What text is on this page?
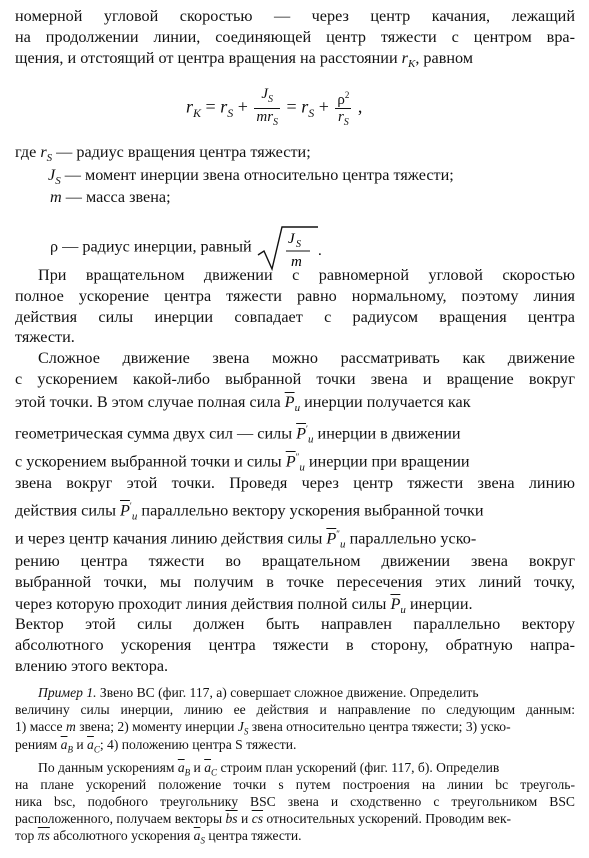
номерной угловой скоростью — через центр качания, лежащий
на продолжении линии, соединяющей центр тяжести с центром вра-
щения, и отстоящий от центра вращения на расстоянии $r_K$, равном
$r_K = r_S + \frac{J_S}{mr_S} = r_S + \frac{\rho^2}{r_S}$ ,
где $r_S$ — радиус вращения центра тяжести;
$J_S$ — момент инерции звена относительно центра тяжести;
m — масса звена;
ρ — радиус инерции, равный J S
m
.
При вращательном движении с равномерной угловой скоростью
полное ускорение центра тяжести равно нормальному, поэтому линия
действия силы инерции совпадает с радиусом вращения центра
тяжести.
Сложное движение звена можно рассматривать как движение
с ускорением какой-либо выбранной точки звена и вращение вокруг
этой точки. В этом случае полная сила $\overline{P}_u$ инерции получается как
геометрическая сумма двух сил — силы $\overline{P}'_u$ инерции в движении
с ускорением выбранной точки и силы $\overline{P}''_u$ инерции при вращении
звена вокруг этой точки. Проведя через центр тяжести звена линию
действия силы $\overline{P}'_u$ параллельно вектору ускорения выбранной точки
и через центр качания линию действия силы $\overline{P}''_u$ параллельно уско-
рению центра тяжести во вращательном движении звена вокруг
выбранной точки, мы получим в точке пересечения этих линий точку,
через которую проходит линия действия полной силы $\overline{P}_u$ инерции.
Вектор этой силы должен быть направлен параллельно вектору
абсолютного ускорения центра тяжести в сторону, обратную напра-
влению этого вектора.
Пример 1. Звено BC (фиг. 117, а) совершает сложное движение. Определить
величину силы инерции, линию ее действия и направление по следующим данным:
1) массе m звена; 2) моменту инерции $J_S$ звена относительно центра тяжести; 3) уско-
рениям $\overline{a}_B$ и $\overline{a}_C$; 4) положению центра S тяжести.
По данным ускорениям $\overline{a}_B$ и $\overline{a}_C$ строим план ускорений (фиг. 117, б). Определив
на плане ускорений положение точки s путем построения на линии bc треуголь-
ника bsc, подобного треугольнику BSC звена и сходственно с треугольником BSC
расположенного, получаем векторы $\overline{bs}$ и $\overline{cs}$ относительных ускорений. Проводим век-
тор $\overline{\pi s}$ абсолютного ускорения $\overline{a}_S$ центра тяжести.
